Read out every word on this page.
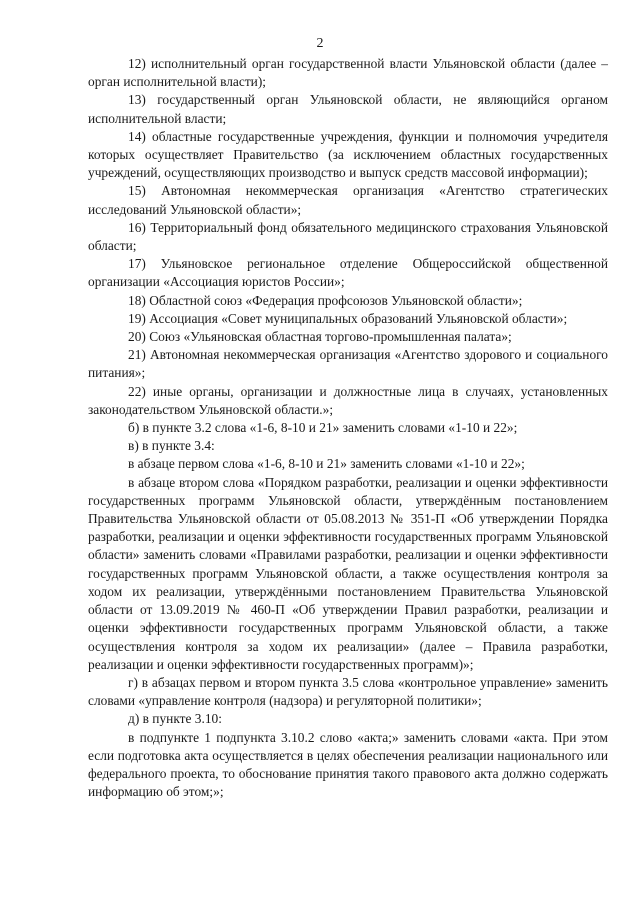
2

12) исполнительный орган государственной власти Ульяновской области (далее – орган исполнительной власти);

13) государственный орган Ульяновской области, не являющийся органом исполнительной власти;

14) областные государственные учреждения, функции и полномочия учредителя которых осуществляет Правительство (за исключением областных государственных учреждений, осуществляющих производство и выпуск средств массовой информации);

15) Автономная некоммерческая организация «Агентство стратегических исследований Ульяновской области»;

16) Территориальный фонд обязательного медицинского страхования Ульяновской области;

17) Ульяновское региональное отделение Общероссийской общественной организации «Ассоциация юристов России»;

18) Областной союз «Федерация профсоюзов Ульяновской области»;

19) Ассоциация «Совет муниципальных образований Ульяновской области»;

20) Союз «Ульяновская областная торгово-промышленная палата»;

21) Автономная некоммерческая организация «Агентство здорового и социального питания»;

22) иные органы, организации и должностные лица в случаях, установленных законодательством Ульяновской области.»;

б) в пункте 3.2 слова «1-6, 8-10 и 21» заменить словами «1-10 и 22»;

в) в пункте 3.4:

в абзаце первом слова «1-6, 8-10 и 21» заменить словами «1-10 и 22»;

в абзаце втором слова «Порядком разработки, реализации и оценки эффективности государственных программ Ульяновской области, утверждённым постановлением Правительства Ульяновской области от 05.08.2013 № 351-П «Об утверждении Порядка разработки, реализации и оценки эффективности государственных программ Ульяновской области» заменить словами «Правилами разработки, реализации и оценки эффективности государственных программ Ульяновской области, а также осуществления контроля за ходом их реализации, утверждёнными постановлением Правительства Ульяновской области от 13.09.2019 № 460-П «Об утверждении Правил разработки, реализации и оценки эффективности государственных программ Ульяновской области, а также осуществления контроля за ходом их реализации» (далее – Правила разработки, реализации и оценки эффективности государственных программ)»;

г) в абзацах первом и втором пункта 3.5 слова «контрольное управление» заменить словами «управление контроля (надзора) и регуляторной политики»;

д) в пункте 3.10:

в подпункте 1 подпункта 3.10.2 слово «акта;» заменить словами «акта. При этом если подготовка акта осуществляется в целях обеспечения реализации национального или федерального проекта, то обоснование принятия такого правового акта должно содержать информацию об этом;»;
